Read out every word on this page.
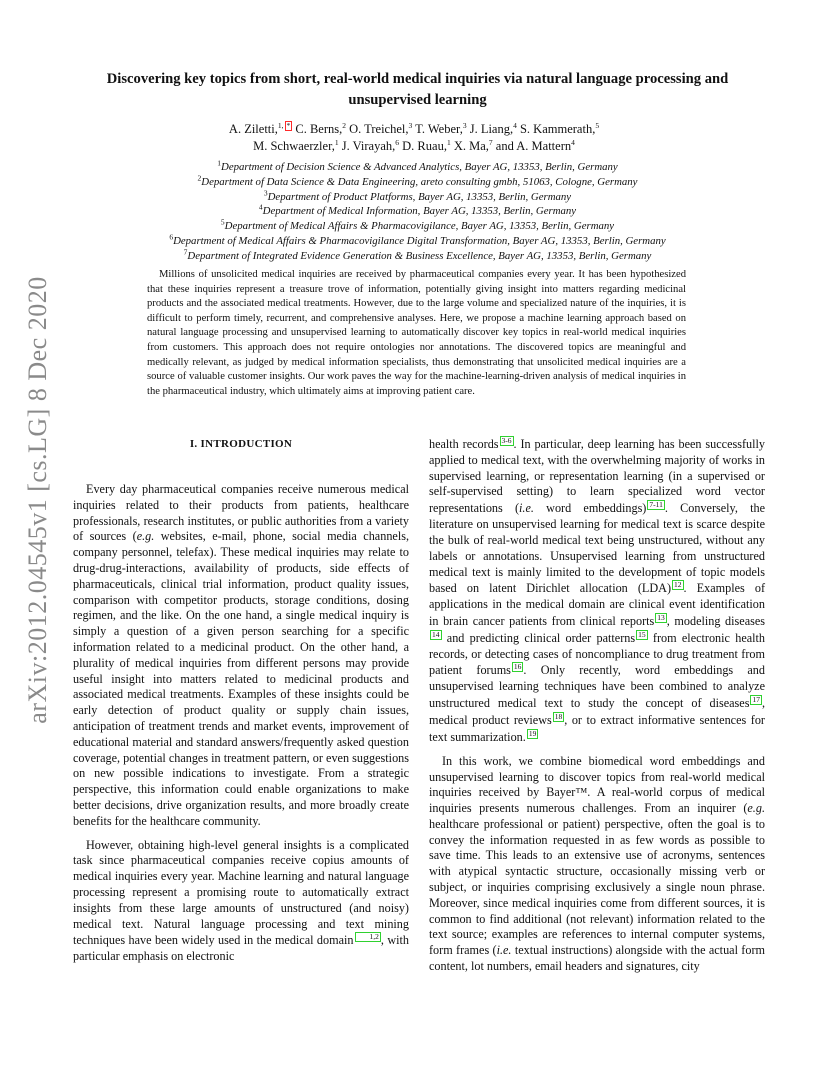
arXiv:2012.04545v1 [cs.LG] 8 Dec 2020
Discovering key topics from short, real-world medical inquiries via natural language processing and unsupervised learning
A. Ziletti,$^{1,}$ * C. Berns,$^2$ O. Treichel,$^3$ T. Weber,$^3$ J. Liang,$^4$ S. Kammerath,$^5$
M. Schwaerzler,$^1$ J. Virayah,$^6$ D. Ruau,$^1$ X. Ma,$^7$ and A. Mattern$^4$
$^1$Department of Decision Science & Advanced Analytics, Bayer AG, 13353, Berlin, Germany
$^2$Department of Data Science & Data Engineering, areto consulting gmbh, 51063, Cologne, Germany
$^3$Department of Product Platforms, Bayer AG, 13353, Berlin, Germany
$^4$Department of Medical Information, Bayer AG, 13353, Berlin, Germany
$^5$Department of Medical Affairs & Pharmacovigilance, Bayer AG, 13353, Berlin, Germany
$^6$Department of Medical Affairs & Pharmacovigilance Digital Transformation, Bayer AG, 13353, Berlin, Germany
$^7$Department of Integrated Evidence Generation & Business Excellence, Bayer AG, 13353, Berlin, Germany
Millions of unsolicited medical inquiries are received by pharmaceutical companies every year. It has been hypothesized that these inquiries represent a treasure trove of information, potentially giving insight into matters regarding medicinal products and the associated medical treatments. However, due to the large volume and specialized nature of the inquiries, it is difficult to perform timely, recurrent, and comprehensive analyses. Here, we propose a machine learning approach based on natural language processing and unsupervised learning to automatically discover key topics in real-world medical inquiries from customers. This approach does not require ontologies nor annotations. The discovered topics are meaningful and medically relevant, as judged by medical information specialists, thus demonstrating that unsolicited medical inquiries are a source of valuable customer insights. Our work paves the way for the machine-learning-driven analysis of medical inquiries in the pharmaceutical industry, which ultimately aims at improving patient care.
I. INTRODUCTION

Every day pharmaceutical companies receive numerous medical inquiries related to their products from patients, healthcare professionals, research institutes, or public authorities from a variety of sources (e.g. websites, e-mail, phone, social media channels, company personnel, telefax). These medical inquiries may relate to drug-drug-interactions, availability of products, side effects of pharmaceuticals, clinical trial information, product quality issues, comparison with competitor products, storage conditions, dosing regimen, and the like. On the one hand, a single medical inquiry is simply a question of a given person searching for a specific information related to a medicinal product. On the other hand, a plurality of medical inquiries from different persons may provide useful insight into matters related to medicinal products and associated medical treatments. Examples of these insights could be early detection of product quality or supply chain issues, anticipation of treatment trends and market events, improvement of educational material and standard answers/frequently asked question coverage, potential changes in treatment pattern, or even suggestions on new possible indications to investigate. From a strategic perspective, this information could enable organizations to make better decisions, drive organization results, and more broadly create benefits for the healthcare community.

However, obtaining high-level general insights is a complicated task since pharmaceutical companies receive copius amounts of medical inquiries every year. Machine learning and natural language processing represent a promising route to automatically extract insights from these large amounts of unstructured (and noisy) medical text. Natural language processing and text mining techniques have been widely used in the medical domain 1,2 , with particular emphasis on electronic

health records 3-6 . In particular, deep learning has been successfully applied to medical text, with the overwhelming majority of works in supervised learning, or representation learning (in a supervised or self-supervised setting) to learn specialized word vector representations (i.e. word embeddings) 7-11 . Conversely, the literature on unsupervised learning for medical text is scarce despite the bulk of real-world medical text being unstructured, without any labels or annotations. Unsupervised learning from unstructured medical text is mainly limited to the development of topic models based on latent Dirichlet allocation (LDA) 12 . Examples of applications in the medical domain are clinical event identification in brain cancer patients from clinical reports 13 , modeling diseases14 and predicting clinical order patterns 15 from electronic health records, or detecting cases of noncompliance to drug treatment from patient forums 16 . Only recently, word embeddings and unsupervised learning techniques have been combined to analyze unstructured medical text to study the concept of diseases 17 , medical product reviews 18 , or to extract informative sentences for text summarization. 19

In this work, we combine biomedical word embeddings and unsupervised learning to discover topics from real-world medical inquiries received by Bayer™. A real-world corpus of medical inquiries presents numerous challenges. From an inquirer (e.g. healthcare professional or patient) perspective, often the goal is to convey the information requested in as few words as possible to save time. This leads to an extensive use of acronyms, sentences with atypical syntactic structure, occasionally missing verb or subject, or inquiries comprising exclusively a single noun phrase. Moreover, since medical inquiries come from different sources, it is common to find additional (not relevant) information related to the text source; examples are references to internal computer systems, form frames (i.e. textual instructions) alongside with the actual form content, lot numbers, email headers and signatures, city
